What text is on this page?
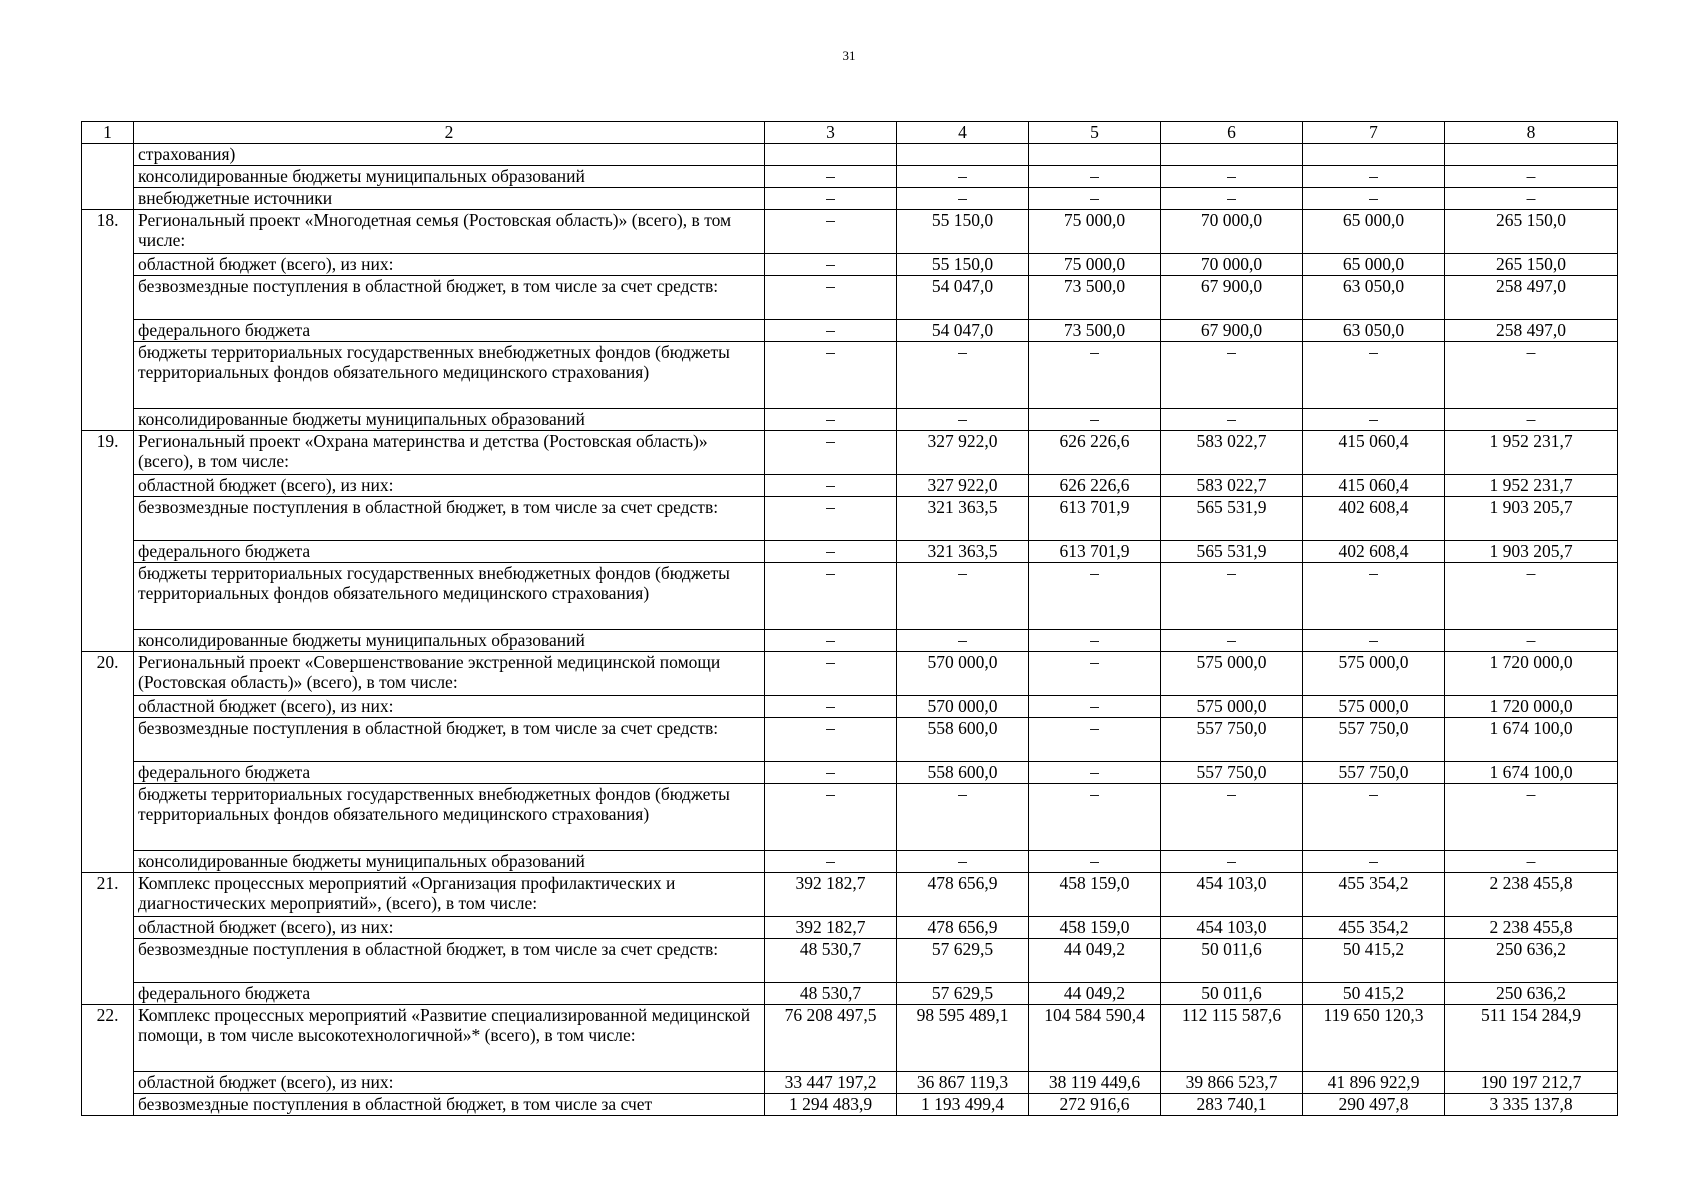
31
1	2	3	4	5	6	7	8
	страхования)						
	консолидированные бюджеты муниципальных образований	–	–	–	–	–	–
	внебюджетные источники	–	–	–	–	–	–
18.	Региональный проект «Многодетная семья (Ростовская область)» (всего), в том числе:	–	55 150,0	75 000,0	70 000,0	65 000,0	265 150,0
	областной бюджет (всего), из них:	–	55 150,0	75 000,0	70 000,0	65 000,0	265 150,0
	безвозмездные поступления в областной бюджет, в том числе за счет средств:	–	54 047,0	73 500,0	67 900,0	63 050,0	258 497,0
	федерального бюджета	–	54 047,0	73 500,0	67 900,0	63 050,0	258 497,0
	бюджеты территориальных государственных внебюджетных фондов (бюджеты территориальных фондов обязательного медицинского страхования)	–	–	–	–	–	–
	консолидированные бюджеты муниципальных образований	–	–	–	–	–	–
19.	Региональный проект «Охрана материнства и детства (Ростовская область)» (всего), в том числе:	–	327 922,0	626 226,6	583 022,7	415 060,4	1 952 231,7
	областной бюджет (всего), из них:	–	327 922,0	626 226,6	583 022,7	415 060,4	1 952 231,7
	безвозмездные поступления в областной бюджет, в том числе за счет средств:	–	321 363,5	613 701,9	565 531,9	402 608,4	1 903 205,7
	федерального бюджета	–	321 363,5	613 701,9	565 531,9	402 608,4	1 903 205,7
	бюджеты территориальных государственных внебюджетных фондов (бюджеты территориальных фондов обязательного медицинского страхования)	–	–	–	–	–	–
	консолидированные бюджеты муниципальных образований	–	–	–	–	–	–
20.	Региональный проект «Совершенствование экстренной медицинской помощи (Ростовская область)» (всего), в том числе:	–	570 000,0	–	575 000,0	575 000,0	1 720 000,0
	областной бюджет (всего), из них:	–	570 000,0	–	575 000,0	575 000,0	1 720 000,0
	безвозмездные поступления в областной бюджет, в том числе за счет средств:	–	558 600,0	–	557 750,0	557 750,0	1 674 100,0
	федерального бюджета	–	558 600,0	–	557 750,0	557 750,0	1 674 100,0
	бюджеты территориальных государственных внебюджетных фондов (бюджеты территориальных фондов обязательного медицинского страхования)	–	–	–	–	–	–
	консолидированные бюджеты муниципальных образований	–	–	–	–	–	–
21.	Комплекс процессных мероприятий «Организация профилактических и диагностических мероприятий», (всего), в том числе:	392 182,7	478 656,9	458 159,0	454 103,0	455 354,2	2 238 455,8
	областной бюджет (всего), из них:	392 182,7	478 656,9	458 159,0	454 103,0	455 354,2	2 238 455,8
	безвозмездные поступления в областной бюджет, в том числе за счет средств:	48 530,7	57 629,5	44 049,2	50 011,6	50 415,2	250 636,2
	федерального бюджета	48 530,7	57 629,5	44 049,2	50 011,6	50 415,2	250 636,2
22.	Комплекс процессных мероприятий «Развитие специализированной медицинской помощи, в том числе высокотехнологичной»* (всего), в том числе:	76 208 497,5	98 595 489,1	104 584 590,4	112 115 587,6	119 650 120,3	511 154 284,9
	областной бюджет (всего), из них:	33 447 197,2	36 867 119,3	38 119 449,6	39 866 523,7	41 896 922,9	190 197 212,7
	безвозмездные поступления в областной бюджет, в том числе за счет	1 294 483,9	1 193 499,4	272 916,6	283 740,1	290 497,8	3 335 137,8
